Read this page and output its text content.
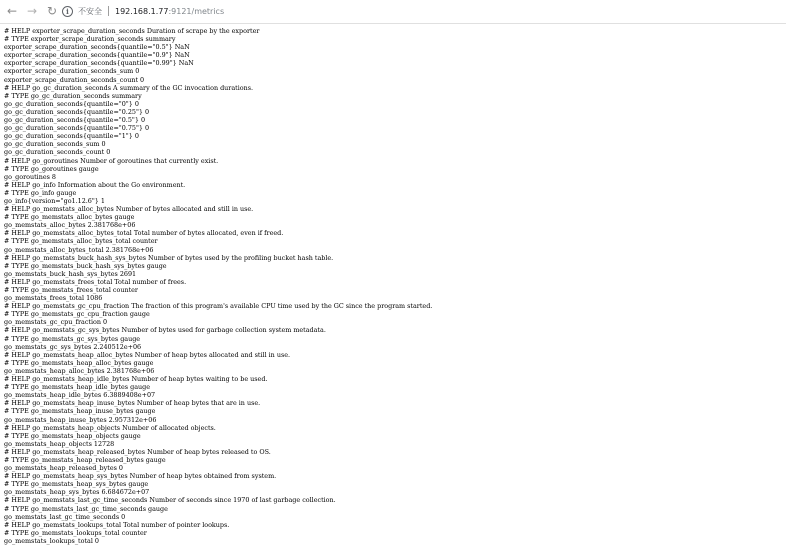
← → ↻	i	不安全 192.168.1.77 :9121/metrics
# HELP exporter_scrape_duration_seconds Duration of scrape by the exporter
# TYPE exporter_scrape_duration_seconds summary
exporter_scrape_duration_seconds{quantile="0.5"} NaN
exporter_scrape_duration_seconds{quantile="0.9"} NaN
exporter_scrape_duration_seconds{quantile="0.99"} NaN
exporter_scrape_duration_seconds_sum 0
exporter_scrape_duration_seconds_count 0
# HELP go_gc_duration_seconds A summary of the GC invocation durations.
# TYPE go_gc_duration_seconds summary
go_gc_duration_seconds{quantile="0"} 0
go_gc_duration_seconds{quantile="0.25"} 0
go_gc_duration_seconds{quantile="0.5"} 0
go_gc_duration_seconds{quantile="0.75"} 0
go_gc_duration_seconds{quantile="1"} 0
go_gc_duration_seconds_sum 0
go_gc_duration_seconds_count 0
# HELP go_goroutines Number of goroutines that currently exist.
# TYPE go_goroutines gauge
go_goroutines 8
# HELP go_info Information about the Go environment.
# TYPE go_info gauge
go_info{version="go1.12.6"} 1
# HELP go_memstats_alloc_bytes Number of bytes allocated and still in use.
# TYPE go_memstats_alloc_bytes gauge
go_memstats_alloc_bytes 2.381768e+06
# HELP go_memstats_alloc_bytes_total Total number of bytes allocated, even if freed.
# TYPE go_memstats_alloc_bytes_total counter
go_memstats_alloc_bytes_total 2.381768e+06
# HELP go_memstats_buck_hash_sys_bytes Number of bytes used by the profiling bucket hash table.
# TYPE go_memstats_buck_hash_sys_bytes gauge
go_memstats_buck_hash_sys_bytes 2691
# HELP go_memstats_frees_total Total number of frees.
# TYPE go_memstats_frees_total counter
go_memstats_frees_total 1086
# HELP go_memstats_gc_cpu_fraction The fraction of this program's available CPU time used by the GC since the program started.
# TYPE go_memstats_gc_cpu_fraction gauge
go_memstats_gc_cpu_fraction 0
# HELP go_memstats_gc_sys_bytes Number of bytes used for garbage collection system metadata.
# TYPE go_memstats_gc_sys_bytes gauge
go_memstats_gc_sys_bytes 2.240512e+06
# HELP go_memstats_heap_alloc_bytes Number of heap bytes allocated and still in use.
# TYPE go_memstats_heap_alloc_bytes gauge
go_memstats_heap_alloc_bytes 2.381768e+06
# HELP go_memstats_heap_idle_bytes Number of heap bytes waiting to be used.
# TYPE go_memstats_heap_idle_bytes gauge
go_memstats_heap_idle_bytes 6.3889408e+07
# HELP go_memstats_heap_inuse_bytes Number of heap bytes that are in use.
# TYPE go_memstats_heap_inuse_bytes gauge
go_memstats_heap_inuse_bytes 2.957312e+06
# HELP go_memstats_heap_objects Number of allocated objects.
# TYPE go_memstats_heap_objects gauge
go_memstats_heap_objects 12728
# HELP go_memstats_heap_released_bytes Number of heap bytes released to OS.
# TYPE go_memstats_heap_released_bytes gauge
go_memstats_heap_released_bytes 0
# HELP go_memstats_heap_sys_bytes Number of heap bytes obtained from system.
# TYPE go_memstats_heap_sys_bytes gauge
go_memstats_heap_sys_bytes 6.684672e+07
# HELP go_memstats_last_gc_time_seconds Number of seconds since 1970 of last garbage collection.
# TYPE go_memstats_last_gc_time_seconds gauge
go_memstats_last_gc_time_seconds 0
# HELP go_memstats_lookups_total Total number of pointer lookups.
# TYPE go_memstats_lookups_total counter
go_memstats_lookups_total 0
